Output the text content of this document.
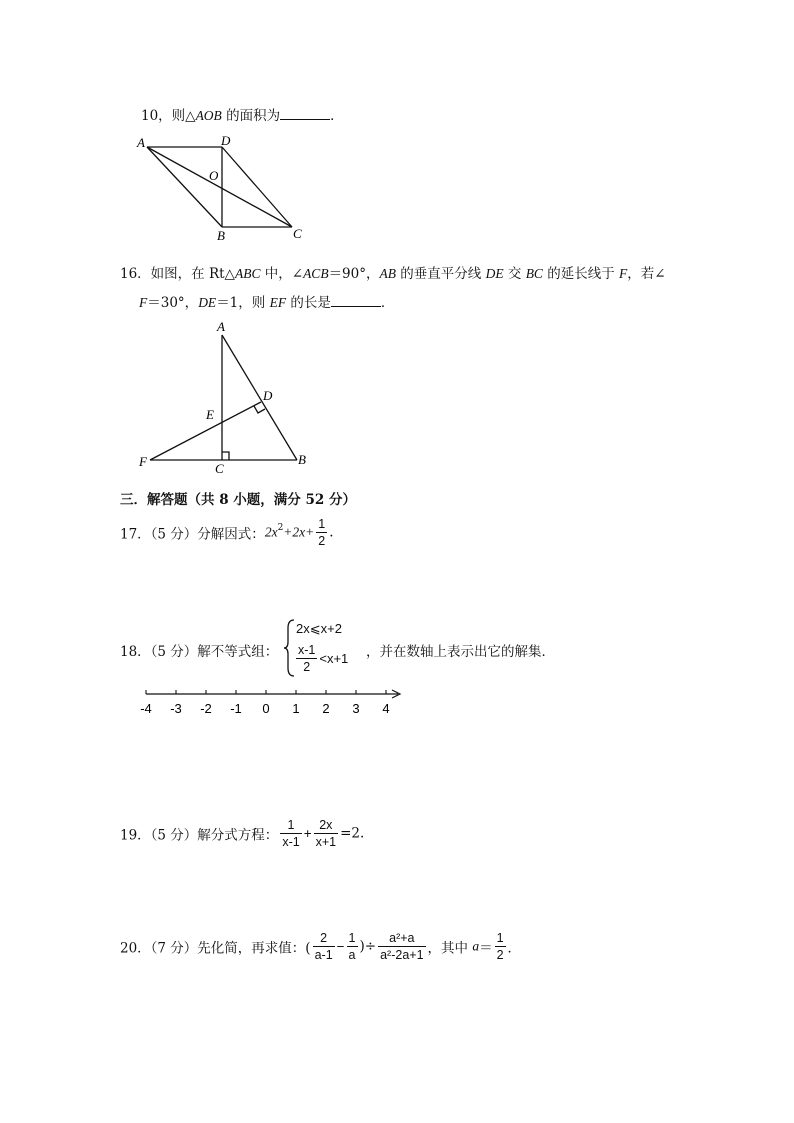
10，则△AOB 的面积为	．
A	D
O
B	C
16．如图，在 Rt△ABC 中，∠ACB＝90°，AB 的垂直平分线 DE 交 BC 的延长线于 F，若∠
F＝30°，DE＝1，则 EF 的长是	．
A
D
E
F	C
B
三．解答题（共 8 小题，满分 52 分）
17．（5 分）分解因式：$2x^2+2x+ \frac{1}{2}$ .
18．（5 分）解不等式组：
2x⩽x+2
$\frac{x-1}{2} <x+1$ ，并在数轴上表示出它的解集．
-4 -3 -2 -1 0 1 2 3 4
19．（5 分）解分式方程： $\frac{1}{x-1} + \frac{2x}{x+1} =2$.
20．（7 分）先化简，再求值：( $\frac{2}{a-1} - \frac{1}{a}$ )÷ $\frac{\text{a²+a}}{\text{a²-2a+1}}$ ，其中 $a= \frac{1}{2}$ ．
